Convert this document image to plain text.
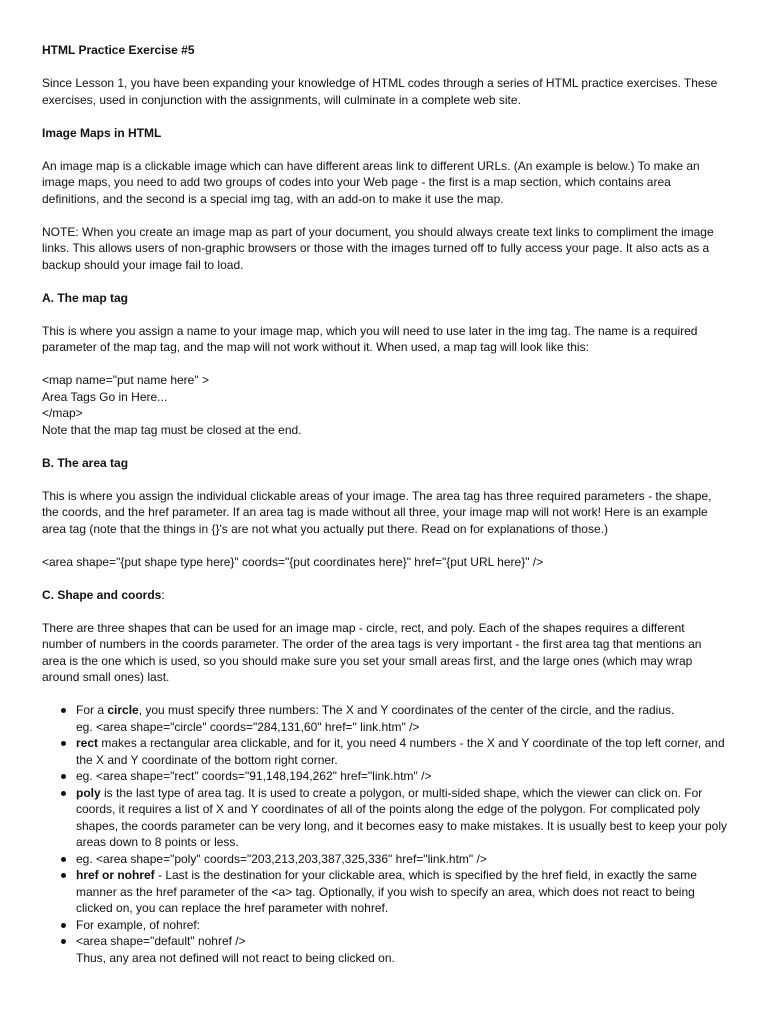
HTML Practice Exercise #5

Since Lesson 1, you have been expanding your knowledge of HTML codes through a series of HTML practice exercises. These exercises, used in conjunction with the assignments, will culminate in a complete web site.

Image Maps in HTML

An image map is a clickable image which can have different areas link to different URLs. (An example is below.) To make an image maps, you need to add two groups of codes into your Web page - the first is a map section, which contains area definitions, and the second is a special img tag, with an add-on to make it use the map.

NOTE: When you create an image map as part of your document, you should always create text links to compliment the image links. This allows users of non-graphic browsers or those with the images turned off to fully access your page. It also acts as a backup should your image fail to load.

A. The map tag

This is where you assign a name to your image map, which you will need to use later in the img tag. The name is a required parameter of the map tag, and the map will not work without it. When used, a map tag will look like this:

<map name="put name here" >
Area Tags Go in Here...
</map>
Note that the map tag must be closed at the end.

B. The area tag

This is where you assign the individual clickable areas of your image. The area tag has three required parameters - the shape, the coords, and the href parameter. If an area tag is made without all three, your image map will not work! Here is an example area tag (note that the things in {}'s are not what you actually put there. Read on for explanations of those.)

<area shape="{put shape type here}" coords="{put coordinates here}" href="{put URL here}" />

C. Shape and coords:

There are three shapes that can be used for an image map - circle, rect, and poly. Each of the shapes requires a different number of numbers in the coords parameter. The order of the area tags is very important - the first area tag that mentions an area is the one which is used, so you should make sure you set your small areas first, and the large ones (which may wrap around small ones) last.

For a circle, you must specify three numbers: The X and Y coordinates of the center of the circle, and the radius.
eg. <area shape="circle" coords="284,131,60" href=" link.htm" />
rect makes a rectangular area clickable, and for it, you need 4 numbers - the X and Y coordinate of the top left corner, and the X and Y coordinate of the bottom right corner.
eg. <area shape="rect" coords="91,148,194,262" href="link.htm" />
poly is the last type of area tag. It is used to create a polygon, or multi-sided shape, which the viewer can click on. For coords, it requires a list of X and Y coordinates of all of the points along the edge of the polygon. For complicated poly shapes, the coords parameter can be very long, and it becomes easy to make mistakes. It is usually best to keep your poly areas down to 8 points or less.
eg. <area shape="poly" coords="203,213,203,387,325,336" href="link.htm" />
href or nohref - Last is the destination for your clickable area, which is specified by the href field, in exactly the same manner as the href parameter of the <a> tag. Optionally, if you wish to specify an area, which does not react to being clicked on, you can replace the href parameter with nohref.
For example, of nohref:
<area shape="default" nohref />
Thus, any area not defined will not react to being clicked on.
